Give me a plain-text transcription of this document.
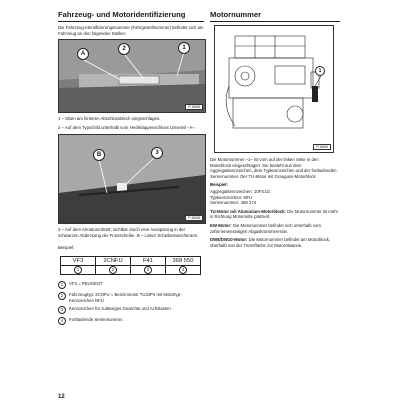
Fahrzeug- und Motoridentifizierung
Die Fahrzeug-Identifizierungsnummer (Fahrgestellnummer) befindet sich am Fahrzeug an den folgenden Stellen:
A
2	1
P-6606
1 – Oben am hinteren Abschlussblech eingeschlagen.
2 – Auf dem Typschild unterhalb vom Heckklappenschloss Unterteil –A–.
B	3
P-6608
3 – Auf dem Armaturenbrett; sichtbar durch eine Aussparung in der schwarzen Abdeckung der Frontscheibe. B – Linker Scheibenwischerarm.
Beispiel:
VF3	2CNFU	F41	368 550
1	2	3	4
1	VF3 = PEUGEOT
2	Fahrzeugtyp: 2CNFU = Benzinmotor TU3JP4 mit Motortyp-Kennzeichen NFU
3	Kennzeichen für zulässiges Gewichte und Achslasten
4	Fortlaufende Seriennummer.
Motornummer
1
P-6609
Die Motornummer –1– ist vorn auf der linken Seite in den Motorblock eingeschlagen. Sie besteht aus dem Aggregatkennzeichen, dem Typkennzeichen und der fortlaufenden Seriennummer. Der TU-Motor mit Grauguss-Motorblock
Beispiel:
Aggregatkennzeichen: 10FX1G
Typkennzeichen: NFU
Seriennummer: 468 274
TU-Motor mit Aluminium-Motorblock: Die Motornummer ist mehr in Richtung Motormitte platziert.
EW-Motor: Die Motornummer befindet sich unterhalb vom zahnriemenseitigen Abgaskrümmerende.
DW8/DW10-Motor: Die Motornummer befindet am Motorblock, oberhalb von der Trennfläche zur Motorölwanne.
12
